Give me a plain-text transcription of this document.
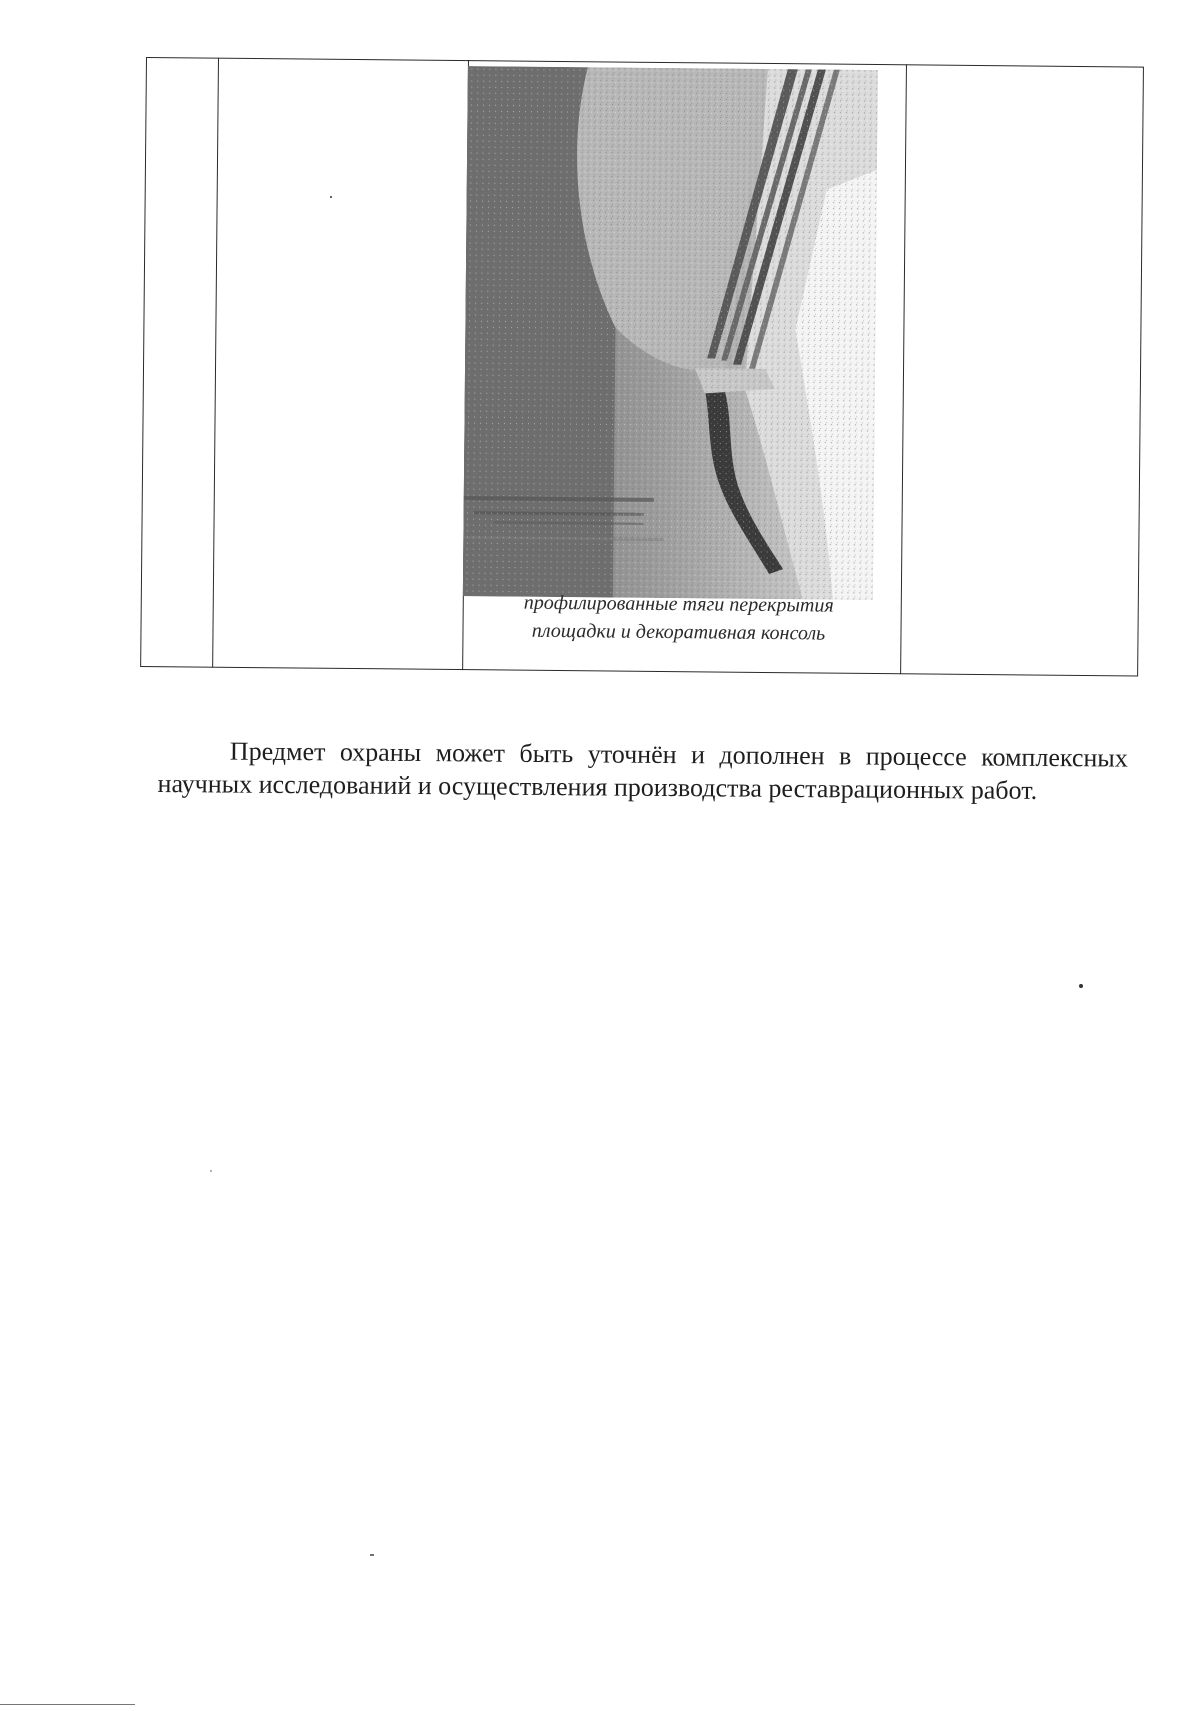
профилированные тяги перекрытия
площадки и декоративная консоль

Предмет охраны может быть уточнён и дополнен в процессе комплексных научных исследований и осуществления производства реставрационных работ.
